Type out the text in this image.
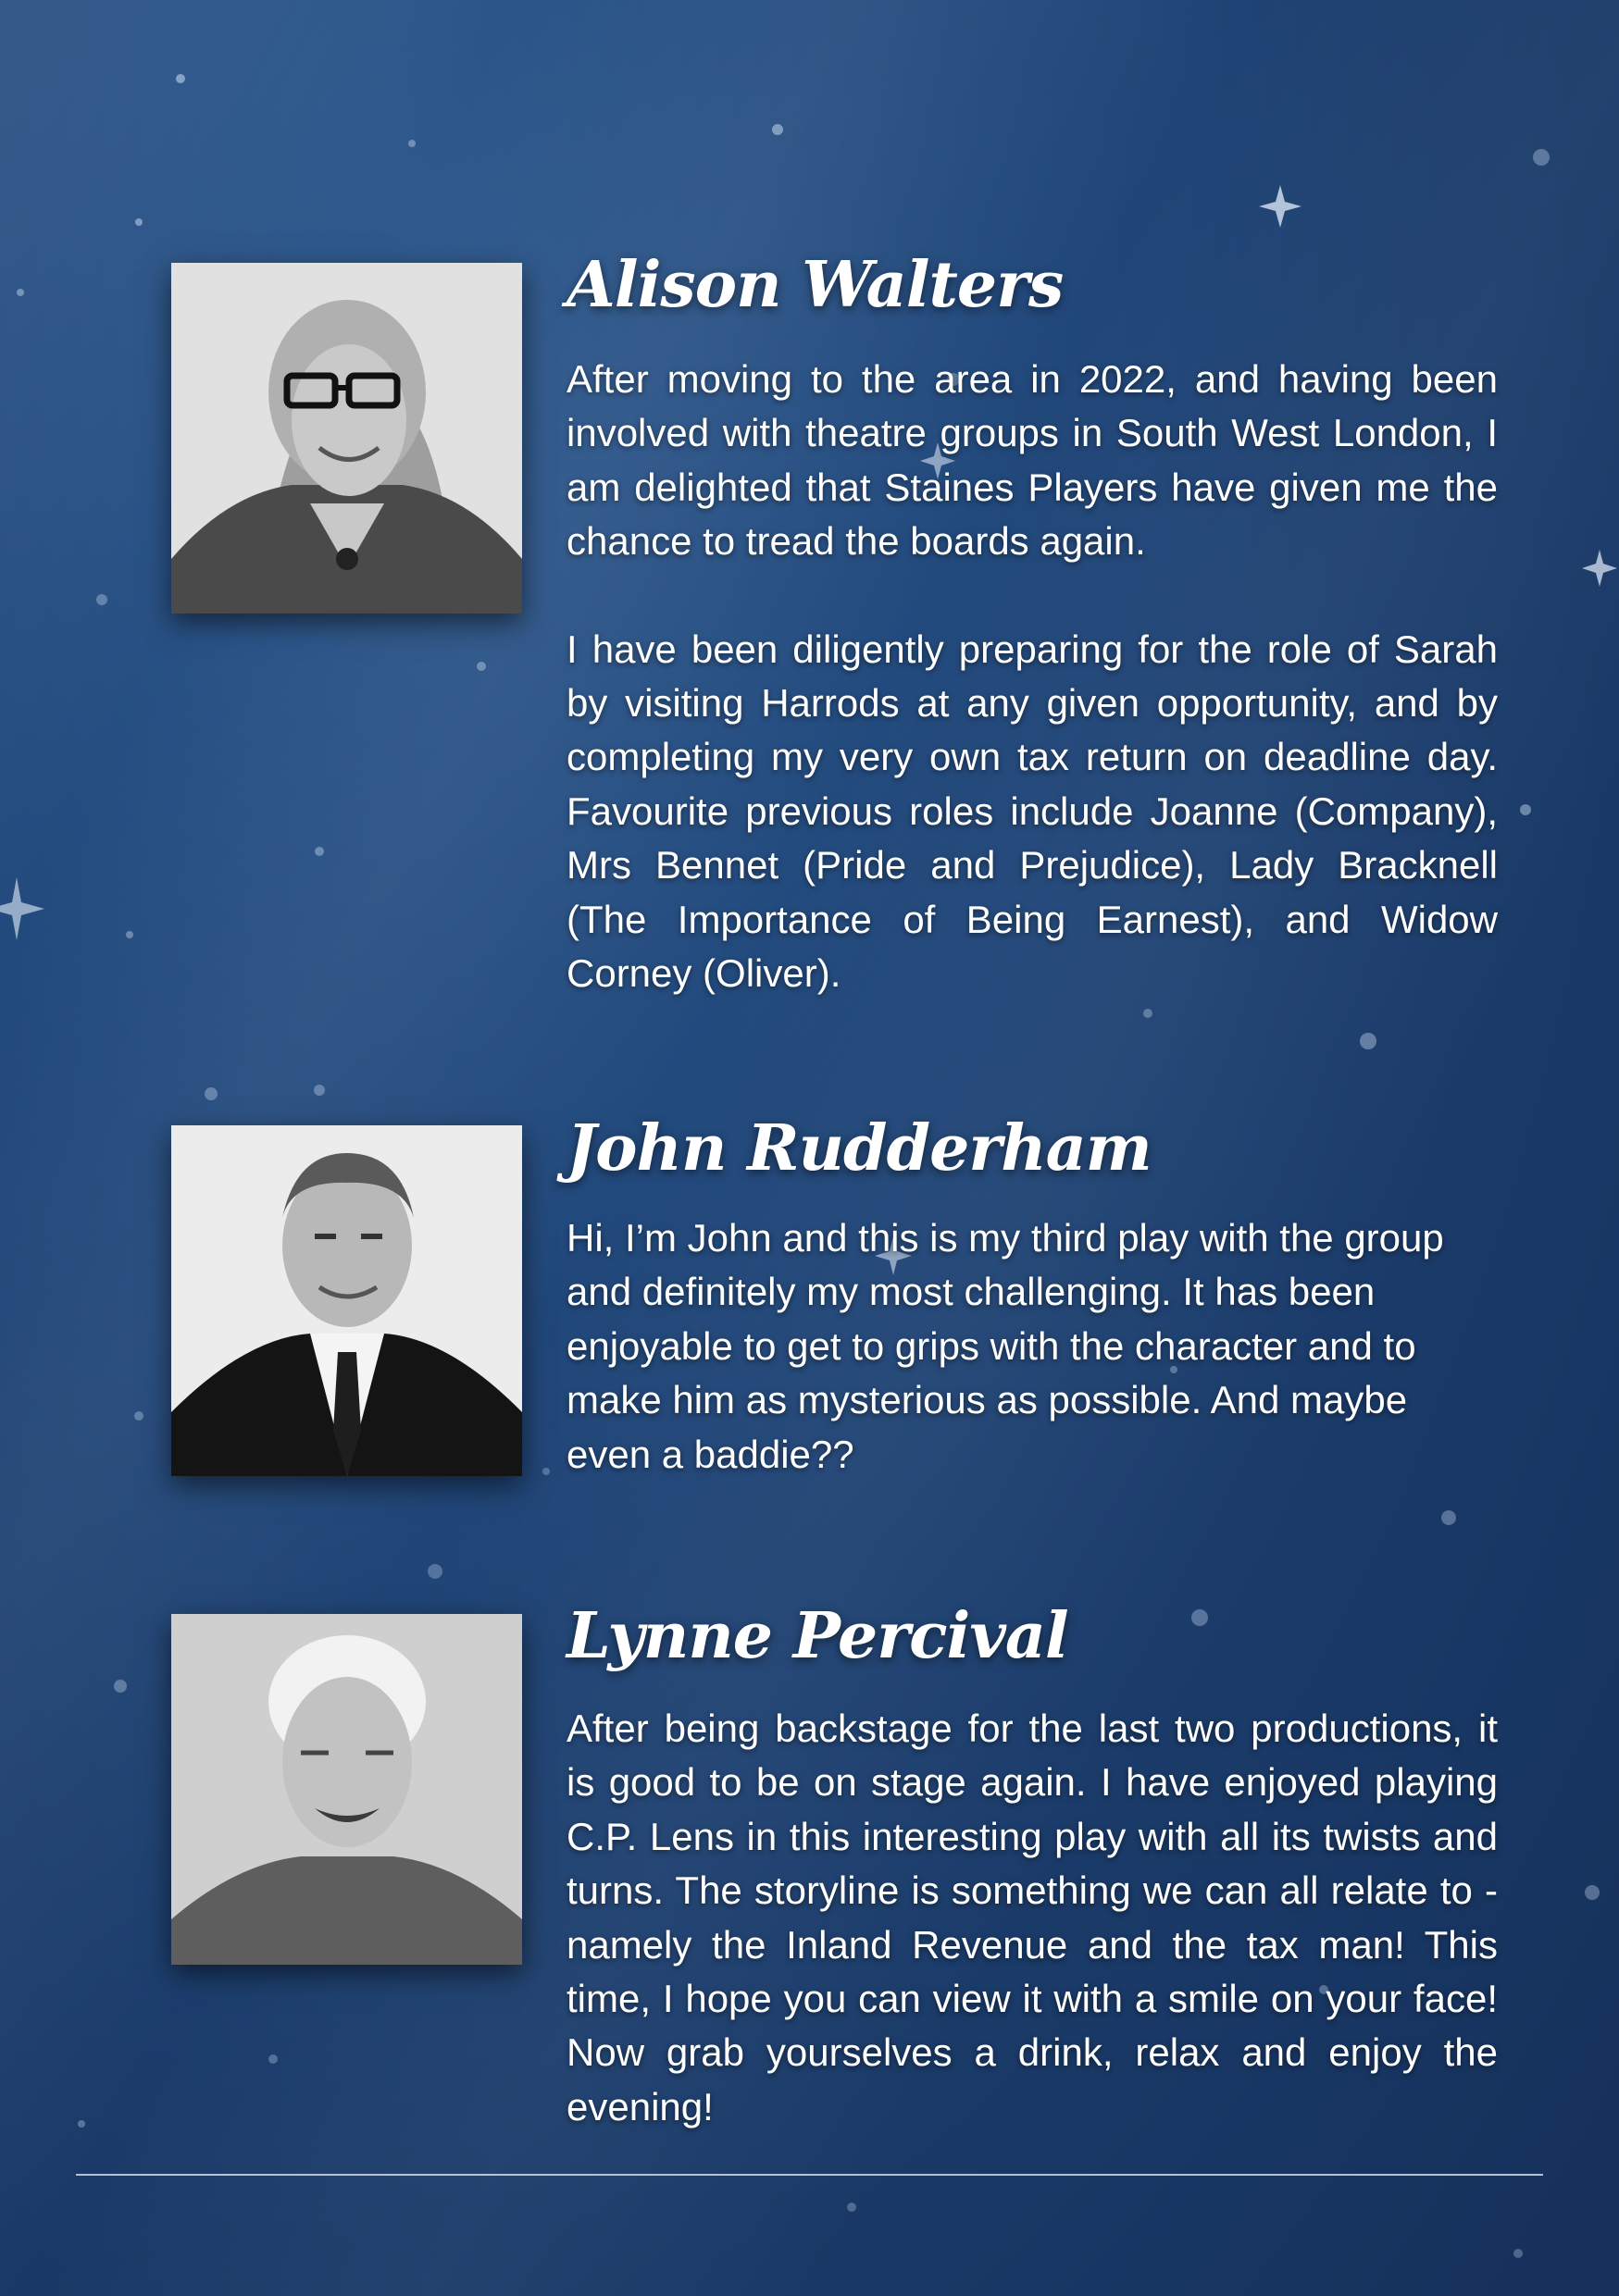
Alison Walters

After moving to the area in 2022, and having been involved with theatre groups in South West London, I am delighted that Staines Players have given me the chance to tread the boards again.

I have been diligently preparing for the role of Sarah by visiting Harrods at any given opportunity, and by completing my very own tax return on deadline day. Favourite previous roles include Joanne (Company), Mrs Bennet (Pride and Prejudice), Lady Bracknell (The Importance of Being Earnest), and Widow Corney (Oliver).

John Rudderham

Hi, I’m John and this is my third play with the group and definitely my most challenging. It has been enjoyable to get to grips with the character and to make him as mysterious as possible. And maybe even a baddie??

Lynne Percival

After being backstage for the last two productions, it is good to be on stage again. I have enjoyed playing C.P. Lens in this interesting play with all its twists and turns. The storyline is something we can all relate to - namely the Inland Revenue and the tax man! This time, I hope you can view it with a smile on your face! Now grab yourselves a drink, relax and enjoy the evening!
